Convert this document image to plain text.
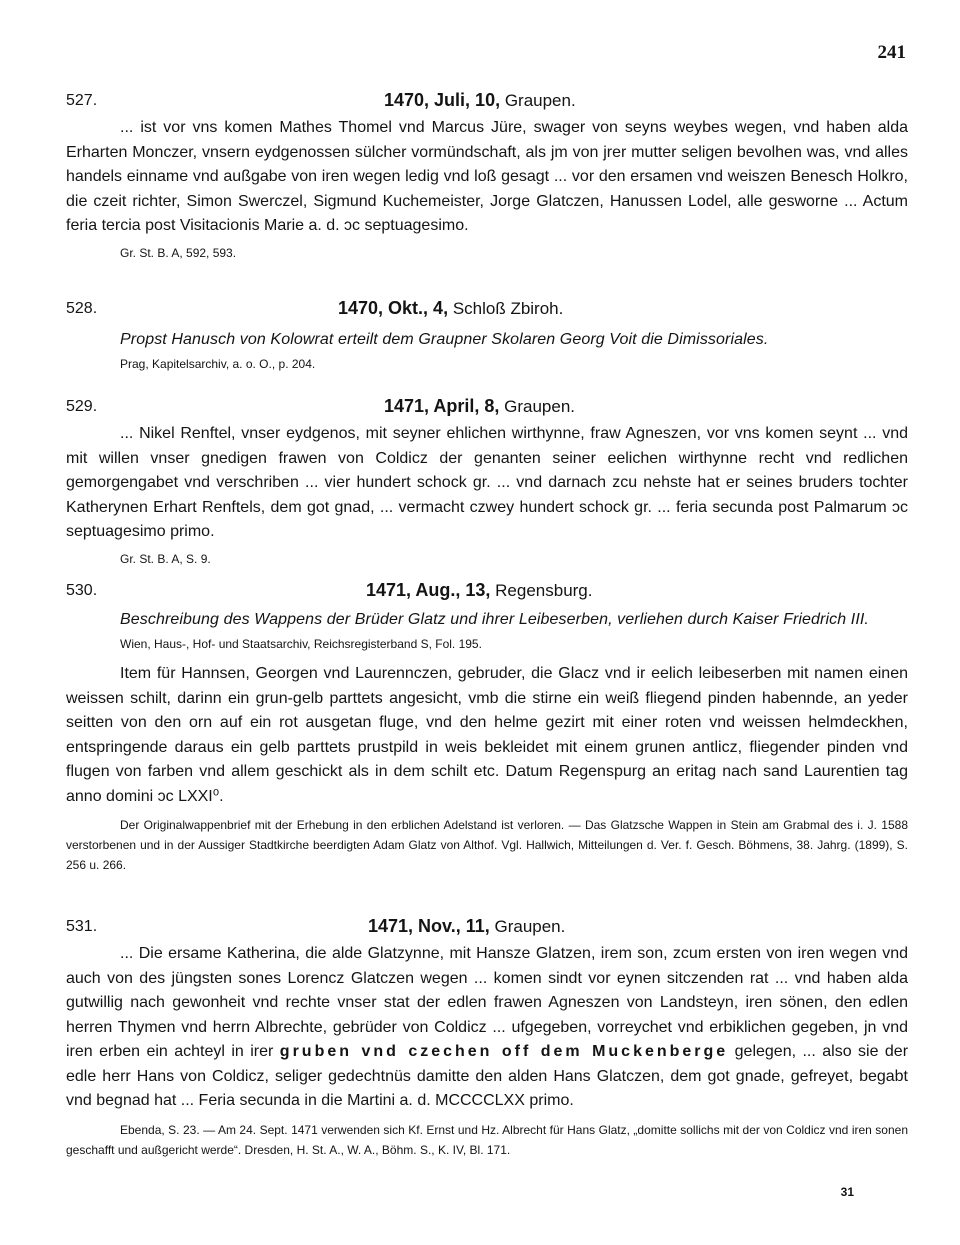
241
527.	1470, Juli, 10, Graupen.

... ist vor vns komen Mathes Thomel vnd Marcus Jüre, swager von seyns weybes wegen, vnd haben alda Erharten Monczer, vnsern eydgenossen sülcher vormündschaft, als jm von jrer mutter seligen bevolhen was, vnd alles handels einname vnd außgabe von iren wegen ledig vnd loß gesagt ... vor den ersamen vnd weiszen Benesch Holkro, die czeit richter, Simon Swerczel, Sigmund Kuchemeister, Jorge Glatczen, Hanussen Lodel, alle gesworne ... Actum feria tercia post Visitacionis Marie a. d. ɔc septuagesimo.

Gr. St. B. A, 592, 593.

528.	1470, Okt., 4, Schloß Zbiroh.

Propst Hanusch von Kolowrat erteilt dem Graupner Skolaren Georg Voit die Dimissoriales.

Prag, Kapitelsarchiv, a. o. O., p. 204.

529.	1471, April, 8, Graupen.

... Nikel Renftel, vnser eydgenos, mit seyner ehlichen wirthynne, fraw Agneszen, vor vns komen seynt ... vnd mit willen vnser gnedigen frawen von Coldicz der genanten seiner eelichen wirthynne recht vnd redlichen gemorgengabet vnd verschriben ... vier hundert schock gr. ... vnd darnach zcu nehste hat er seines bruders tochter Katherynen Erhart Renftels, dem got gnad, ... vermacht czwey hundert schock gr. ... feria secunda post Palmarum ɔc septuagesimo primo.

Gr. St. B. A, S. 9.

530.	1471, Aug., 13, Regensburg.

Beschreibung des Wappens der Brüder Glatz und ihrer Leibeserben, verliehen durch Kaiser Friedrich III.

Wien, Haus-, Hof- und Staatsarchiv, Reichsregisterband S, Fol. 195.

Item für Hannsen, Georgen vnd Laurennczen, gebruder, die Glacz vnd ir eelich leibeserben mit namen einen weissen schilt, darinn ein grun-gelb parttets angesicht, vmb die stirne ein weiß fliegend pinden habennde, an yeder seitten von den orn auf ein rot ausgetan fluge, vnd den helme gezirt mit einer roten vnd weissen helmdeckhen, entspringende daraus ein gelb parttets prustpild in weis bekleidet mit einem grunen antlicz, fliegender pinden vnd flugen von farben vnd allem geschickt als in dem schilt etc. Datum Regenspurg an eritag nach sand Laurentien tag anno domini ɔc LXXI⁰.

Der Originalwappenbrief mit der Erhebung in den erblichen Adelstand ist verloren. — Das Glatzsche Wappen in Stein am Grabmal des i. J. 1588 verstorbenen und in der Aussiger Stadtkirche beerdigten Adam Glatz von Althof. Vgl. Hallwich, Mitteilungen d. Ver. f. Gesch. Böhmens, 38. Jahrg. (1899), S. 256 u. 266.

531.	1471, Nov., 11, Graupen.

... Die ersame Katherina, die alde Glatzynne, mit Hansze Glatzen, irem son, zcum ersten von iren wegen vnd auch von des jüngsten sones Lorencz Glatczen wegen ... komen sindt vor eynen sitczenden rat ... vnd haben alda gutwillig nach gewonheit vnd rechte vnser stat der edlen frawen Agneszen von Landsteyn, iren sönen, den edlen herren Thymen vnd herrn Albrechte, gebrüder von Coldicz ... ufgegeben, vorreychet vnd erbiklichen gegeben, jn vnd iren erben ein achteyl in irer gruben vnd czechen off dem Muckenberge gelegen, ... also sie der edle herr Hans von Coldicz, seliger gedechtnüs damitte den alden Hans Glatczen, dem got gnade, gefreyet, begabt vnd begnad hat ... Feria secunda in die Martini a. d. MCCCCLXX primo.

Ebenda, S. 23. — Am 24. Sept. 1471 verwenden sich Kf. Ernst und Hz. Albrecht für Hans Glatz, „domitte sollichs mit der von Coldicz vnd iren sonen geschafft und außgericht werde“. Dresden, H. St. A., W. A., Böhm. S., K. IV, Bl. 171.

31
